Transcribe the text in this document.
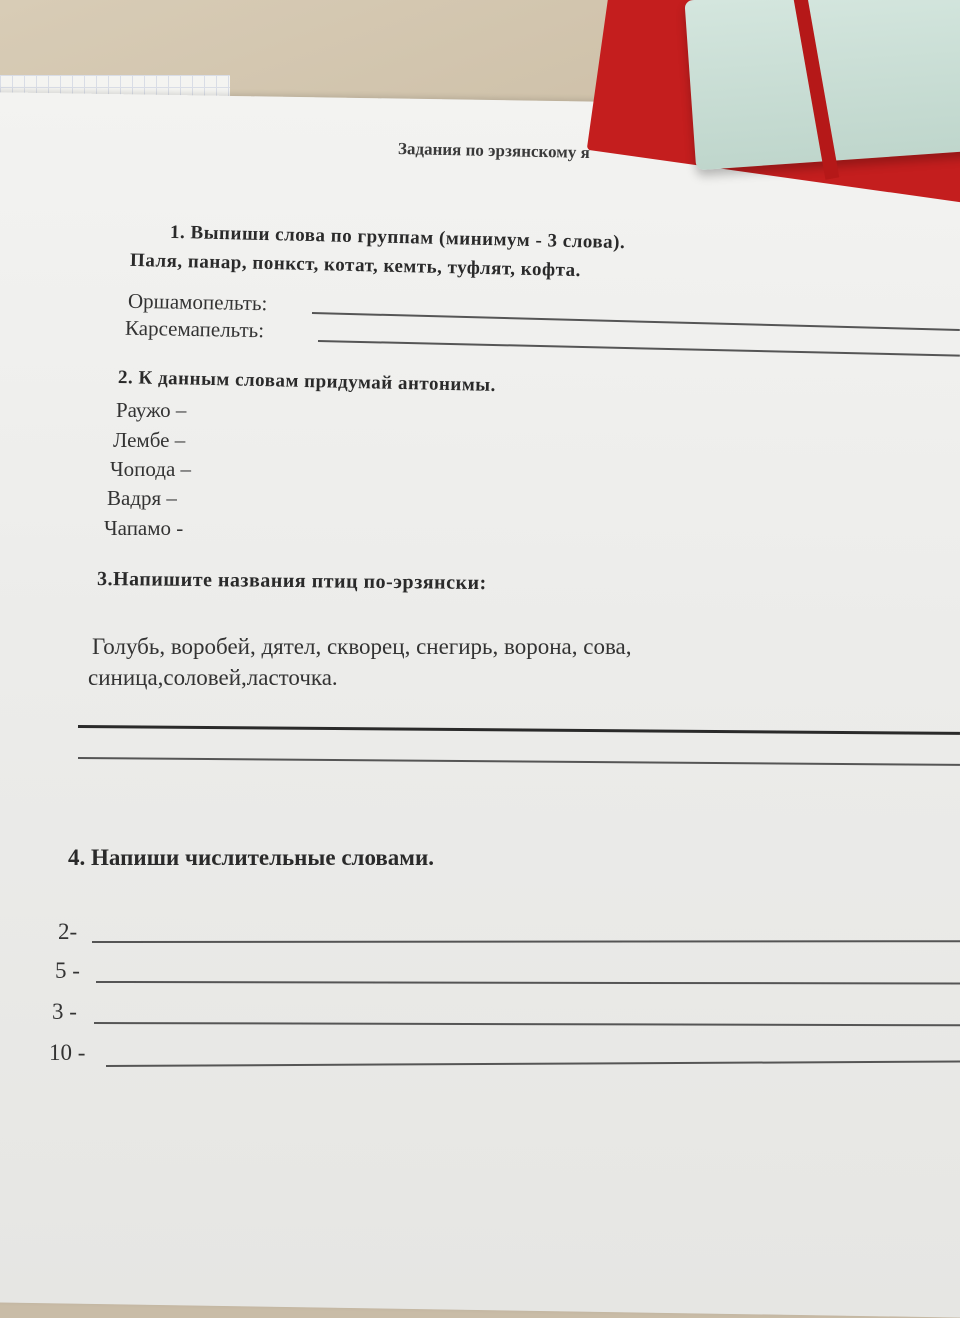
Задания по эрзянскому я
1. Выпиши слова по группам (минимум - 3 слова).
Паля, панар, понкст, котат, кемть, туфлят, кофта.
Оршамопельть:
Карсемапельть:
2. К данным словам придумай антонимы.
Раужо –
Лембе –
Чопода –
Вадря –
Чапамо -
3.Напишите названия птиц по-эрзянски:
Голубь, воробей, дятел, скворец, снегирь, ворона, сова,
синица,соловей,ласточка.
4. Напиши числительные словами.
2-
5 -
3 -
10 -
